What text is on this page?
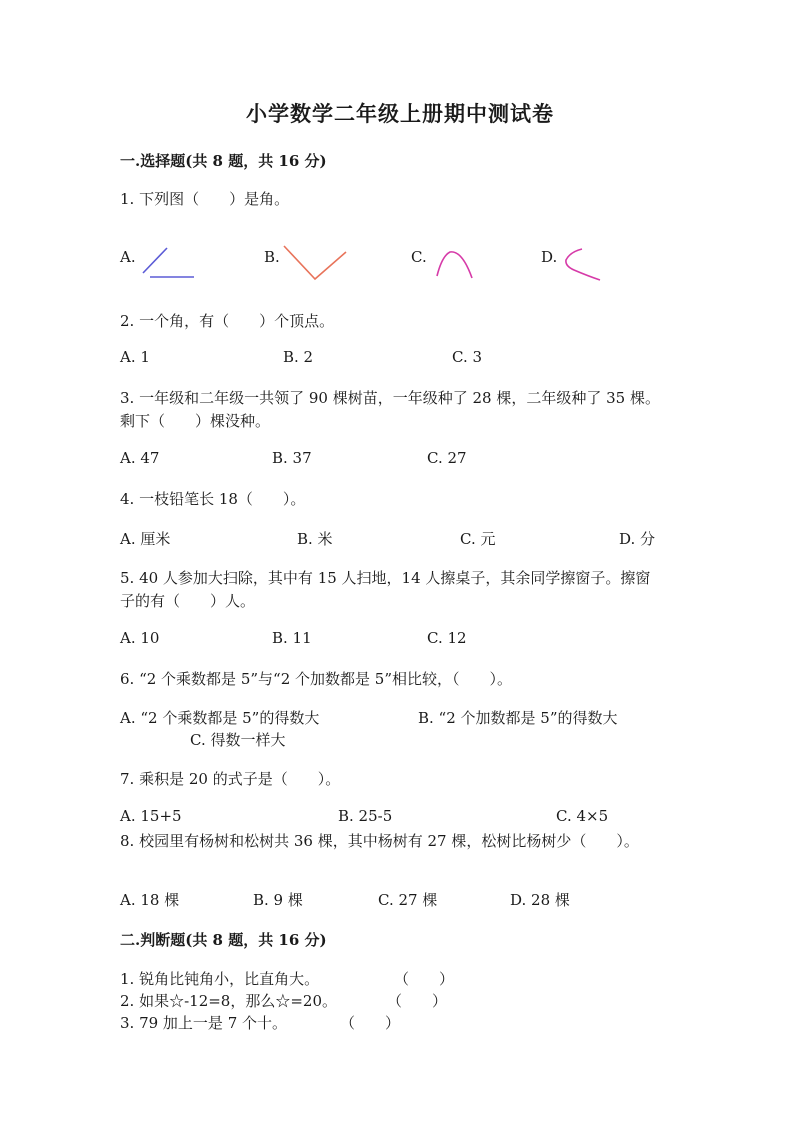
小学数学二年级上册期中测试卷
一.选择题(共 8 题，共 16 分)
1. 下列图（　　）是角。
A.	B.	C.	D.
2. 一个角，有（　　）个顶点。
A. 1	B. 2	C. 3
3. 一年级和二年级一共领了 90 棵树苗，一年级种了 28 棵，二年级种了 35 棵。
剩下（　　）棵没种。
A. 47	B. 37	C. 27
4. 一枝铅笔长 18（　　）。
A. 厘米	B. 米	C. 元	D. 分
5. 40 人参加大扫除，其中有 15 人扫地，14 人擦桌子，其余同学擦窗子。擦窗
子的有（　　）人。
A. 10	B. 11	C. 12
6. “2 个乘数都是 5”与“2 个加数都是 5”相比较，（　　）。
A. “2 个乘数都是 5”的得数大	B. “2 个加数都是 5”的得数大
C. 得数一样大
7. 乘积是 20 的式子是（　　）。
A. 15+5	B. 25-5	C. 4×5
8. 校园里有杨树和松树共 36 棵，其中杨树有 27 棵，松树比杨树少（　　）。
A. 18 棵	B. 9 棵	C. 27 棵	D. 28 棵
二.判断题(共 8 题，共 16 分)
1. 锐角比钝角小，比直角大。	（　　）
2. 如果☆-12=8，那么☆=20。	（　　）
3. 79 加上一是 7 个十。	（　　）
